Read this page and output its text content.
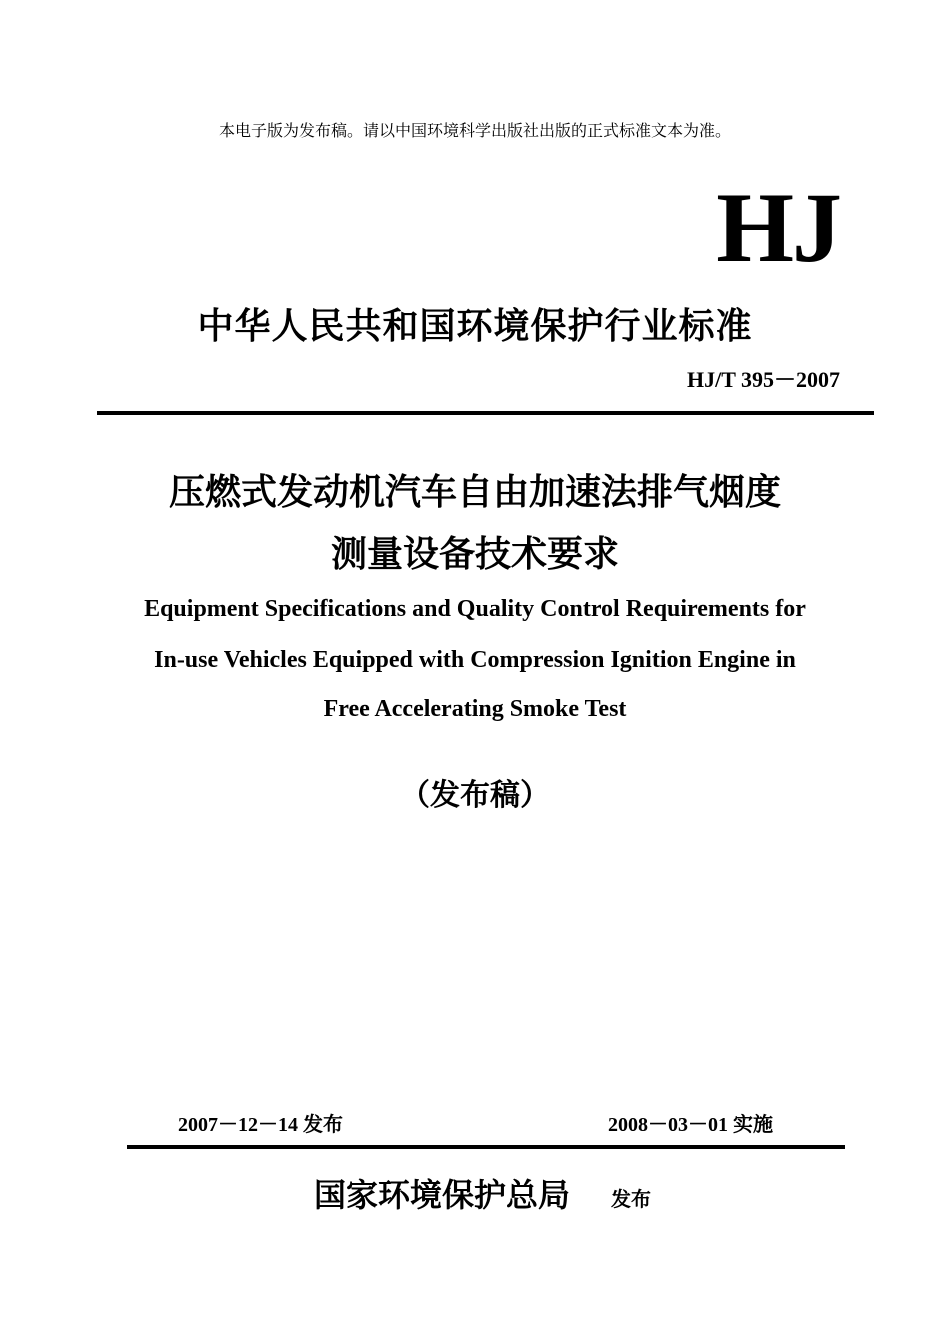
本电子版为发布稿。请以中国环境科学出版社出版的正式标准文本为准。
HJ
中华人民共和国环境保护行业标准
HJ/T 395－2007
压燃式发动机汽车自由加速法排气烟度
测量设备技术要求
Equipment Specifications and Quality Control Requirements for
In-use Vehicles Equipped with Compression Ignition Engine in
Free Accelerating Smoke Test
（发布稿）
2007－12－14 发布	2008－03－01 实施
国家环境保护总局 发布
